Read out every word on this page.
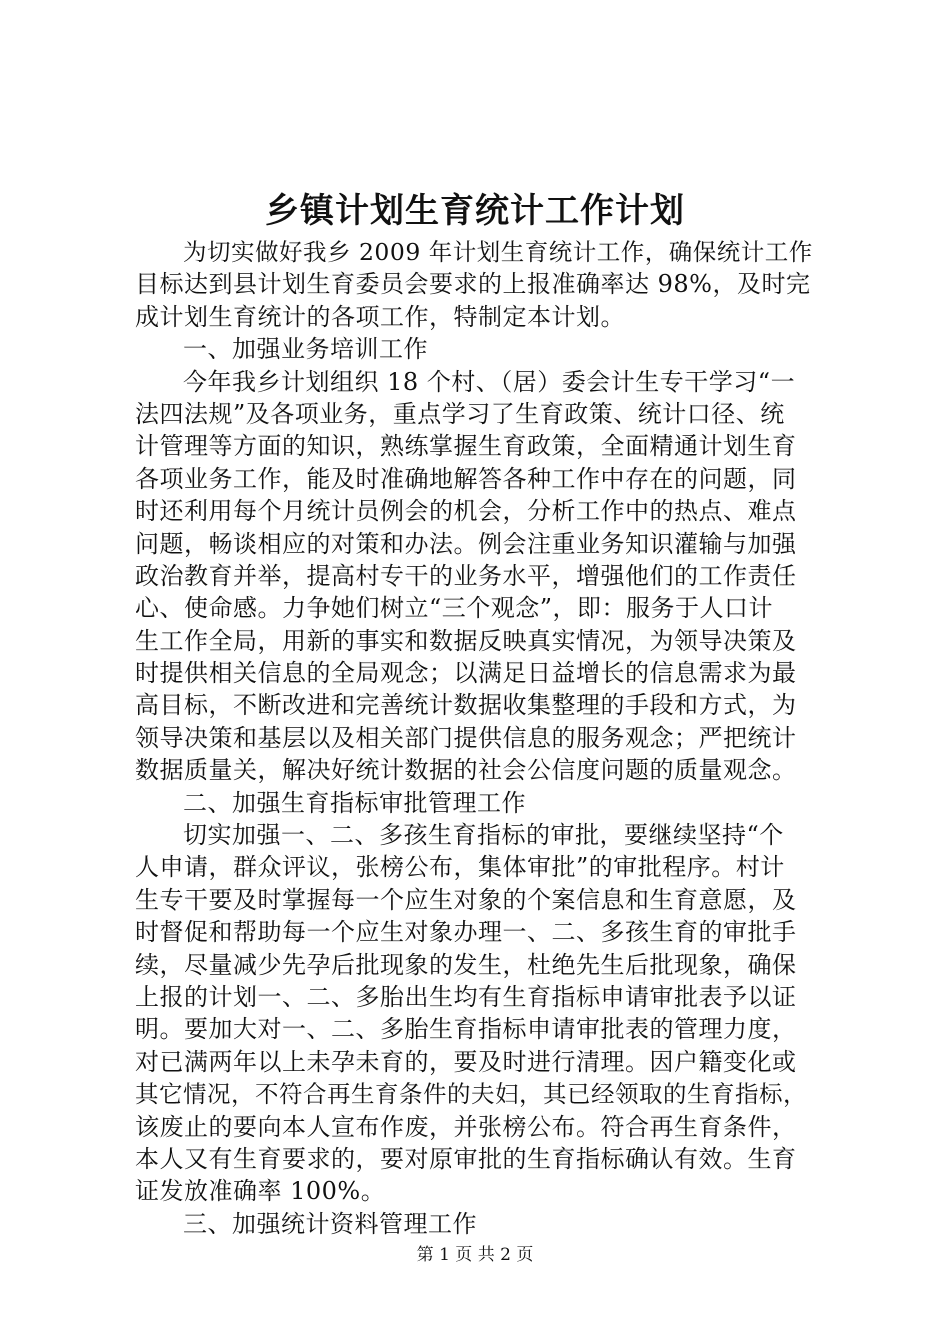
乡镇计划生育统计工作计划
为切实做好我乡 2009 年计划生育统计工作，确保统计工作
目标达到县计划生育委员会要求的上报准确率达 98%，及时完
成计划生育统计的各项工作，特制定本计划。
一、加强业务培训工作
今年我乡计划组织 18 个村、（居）委会计生专干学习“一
法四法规”及各项业务，重点学习了生育政策、统计口径、统
计管理等方面的知识，熟练掌握生育政策，全面精通计划生育
各项业务工作，能及时准确地解答各种工作中存在的问题，同
时还利用每个月统计员例会的机会，分析工作中的热点、难点
问题，畅谈相应的对策和办法。例会注重业务知识灌输与加强
政治教育并举，提高村专干的业务水平，增强他们的工作责任
心、使命感。力争她们树立“三个观念”，即：服务于人口计
生工作全局，用新的事实和数据反映真实情况，为领导决策及
时提供相关信息的全局观念；以满足日益增长的信息需求为最
高目标，不断改进和完善统计数据收集整理的手段和方式，为
领导决策和基层以及相关部门提供信息的服务观念；严把统计
数据质量关，解决好统计数据的社会公信度问题的质量观念。
二、加强生育指标审批管理工作
切实加强一、二、多孩生育指标的审批，要继续坚持“个
人申请，群众评议，张榜公布，集体审批”的审批程序。村计
生专干要及时掌握每一个应生对象的个案信息和生育意愿，及
时督促和帮助每一个应生对象办理一、二、多孩生育的审批手
续，尽量减少先孕后批现象的发生，杜绝先生后批现象，确保
上报的计划一、二、多胎出生均有生育指标申请审批表予以证
明。要加大对一、二、多胎生育指标申请审批表的管理力度，
对已满两年以上未孕未育的，要及时进行清理。因户籍变化或
其它情况，不符合再生育条件的夫妇，其已经领取的生育指标，
该废止的要向本人宣布作废，并张榜公布。符合再生育条件，
本人又有生育要求的，要对原审批的生育指标确认有效。生育
证发放准确率 100%。
三、加强统计资料管理工作
第 1 页 共 2 页
